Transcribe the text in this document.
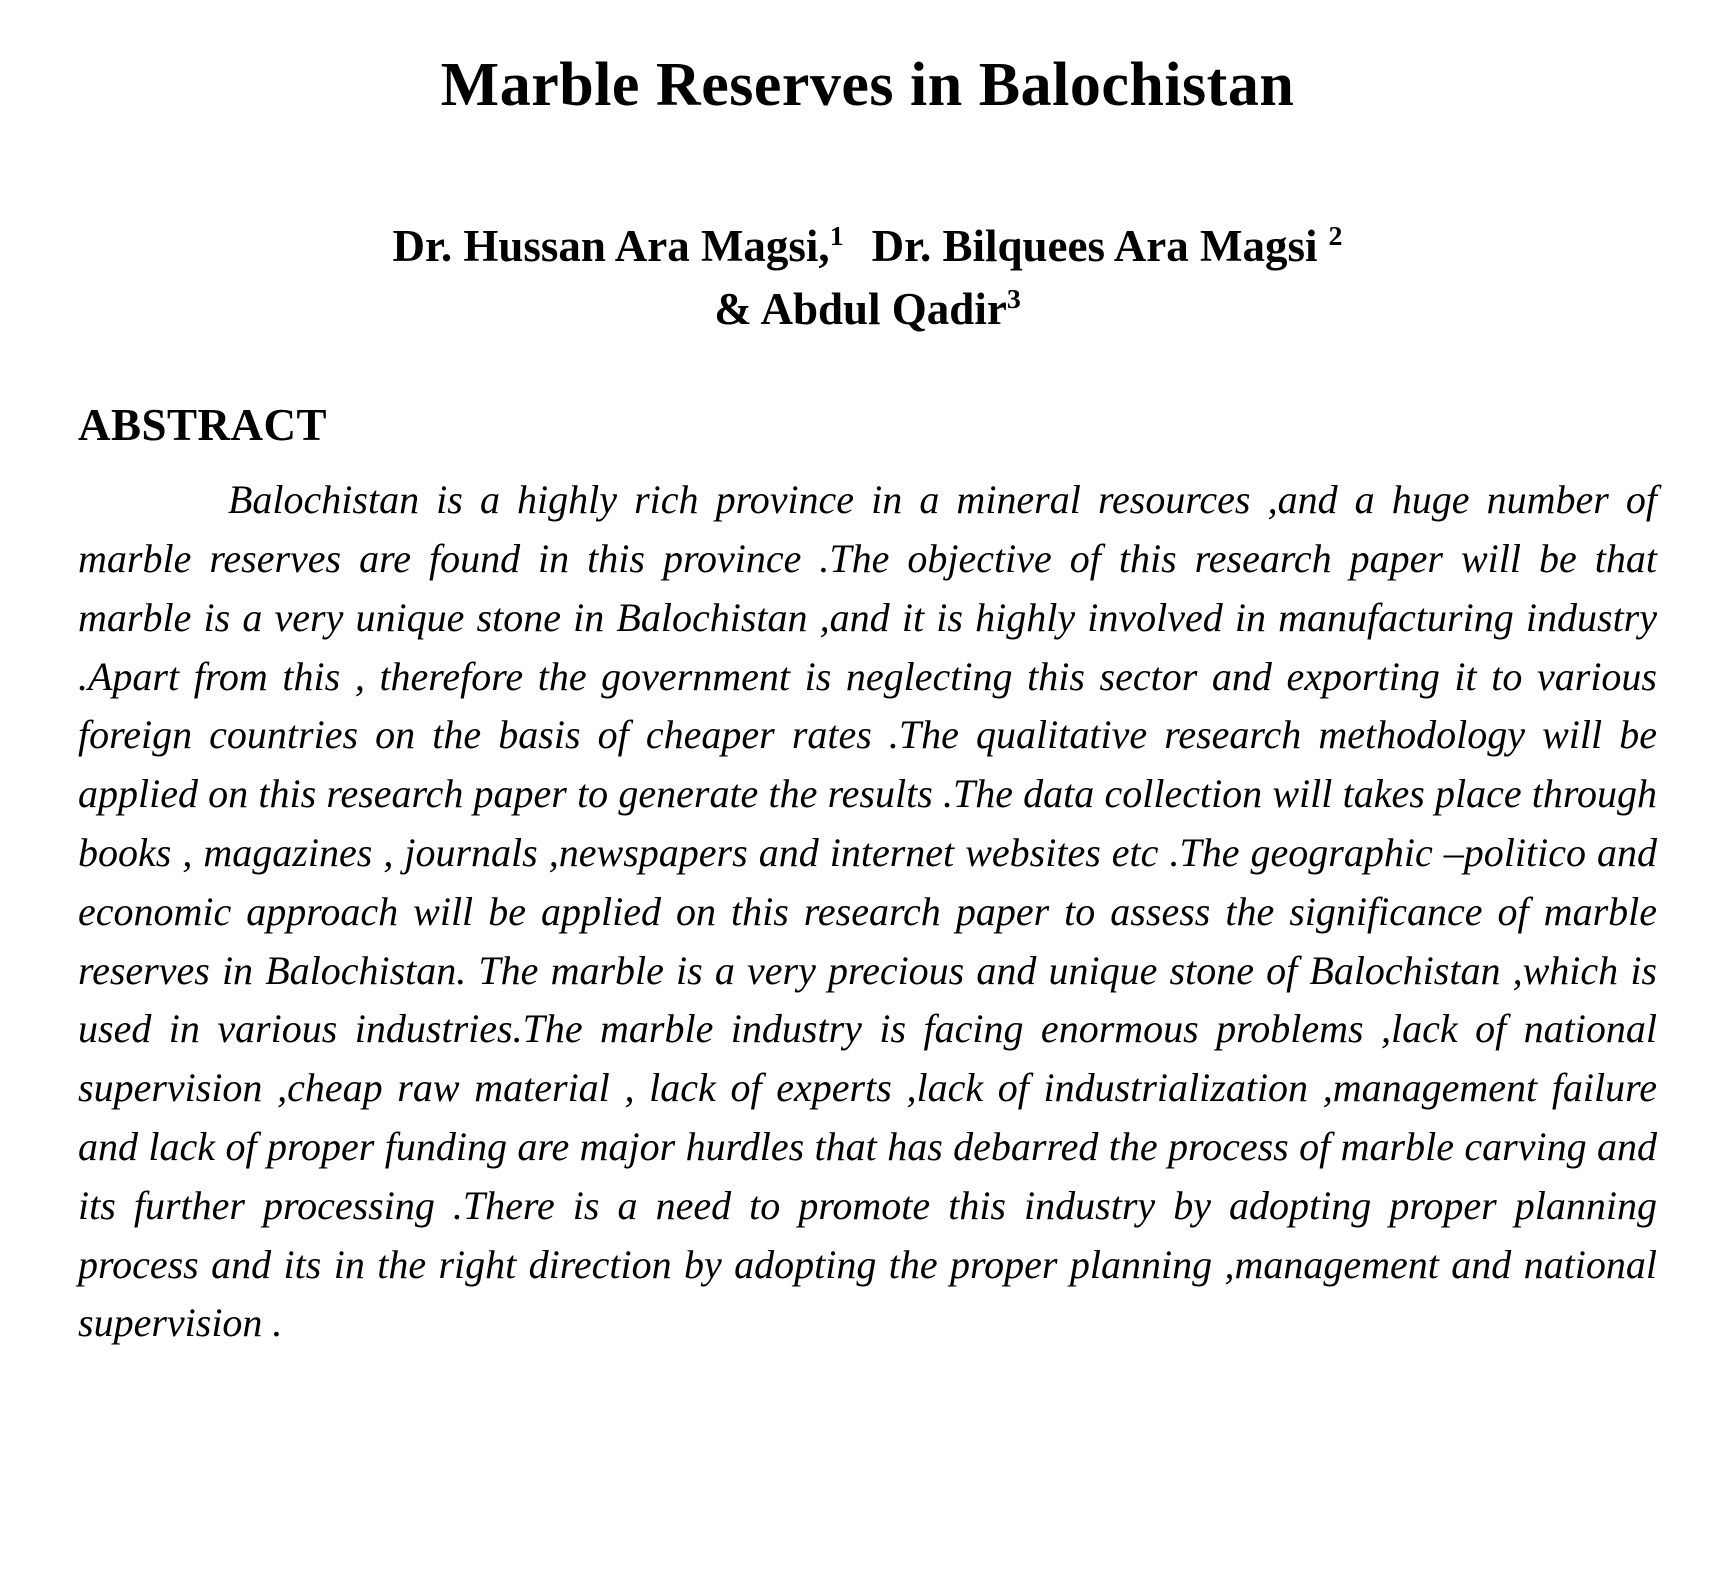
Marble Reserves in Balochistan
Dr. Hussan Ara Magsi,$^1$ Dr. Bilquees Ara Magsi $^2$
& Abdul Qadir$^3$
ABSTRACT

Balochistan is a highly rich province in a mineral resources ,and a huge number of marble reserves are found in this province .The objective of this research paper will be that marble is a very unique stone in Balochistan ,and it is highly involved in manufacturing industry .Apart from this , therefore the government is neglecting this sector and exporting it to various foreign countries on the basis of cheaper rates .The qualitative research methodology will be applied on this research paper to generate the results .The data collection will takes place through books , magazines , journals ,newspapers and internet websites etc .The geographic –politico and economic approach will be applied on this research paper to assess the significance of marble reserves in Balochistan. The marble is a very precious and unique stone of Balochistan ,which is used in various industries.The marble industry is facing enormous problems ,lack of national supervision ,cheap raw material , lack of experts ,lack of industrialization ,management failure and lack of proper funding are major hurdles that has debarred the process of marble carving and its further processing .There is a need to promote this industry by adopting proper planning process and its in the right direction by adopting the proper planning ,management and national supervision .
